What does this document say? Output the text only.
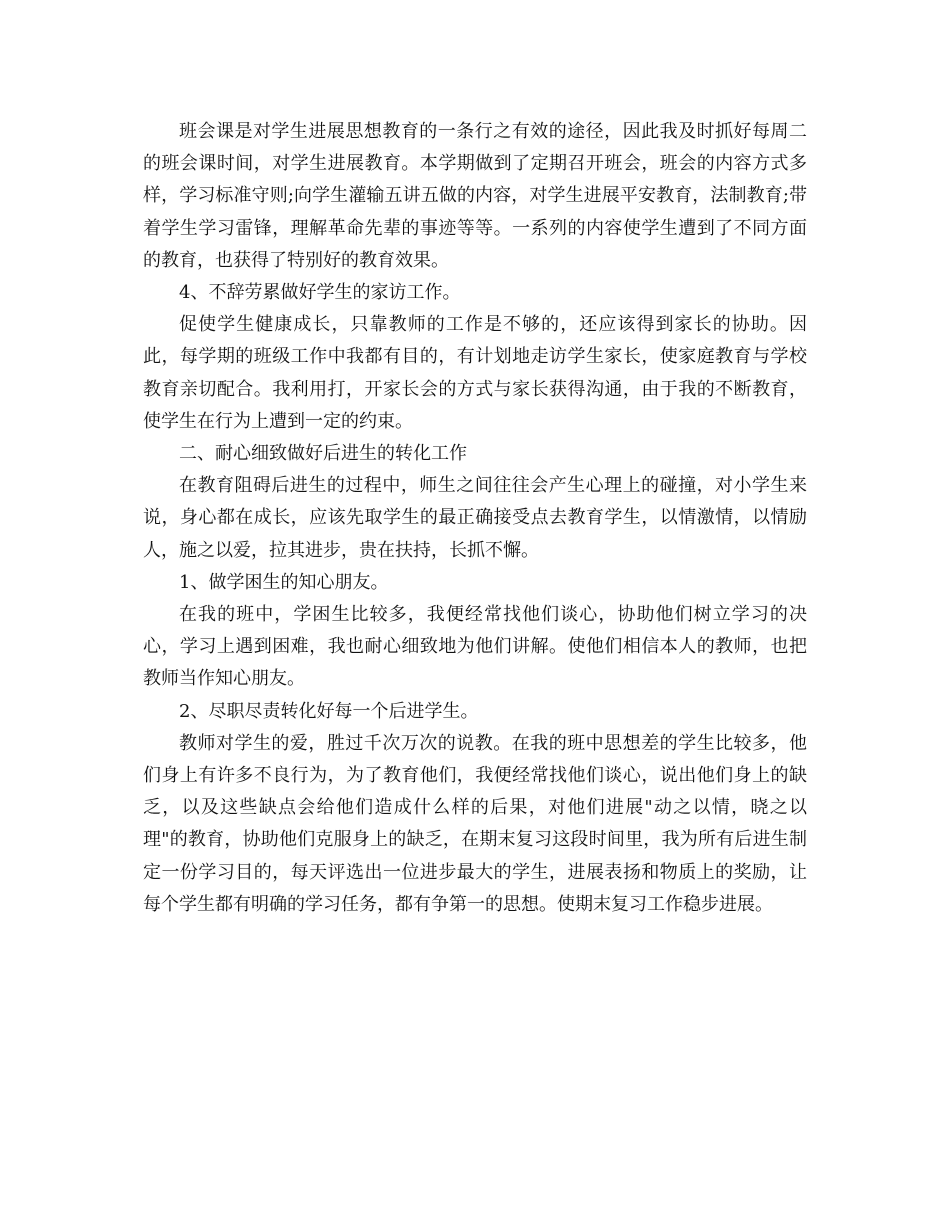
班会课是对学生进展思想教育的一条行之有效的途径，因此我及时抓好每周二的班会课时间，对学生进展教育。本学期做到了定期召开班会，班会的内容方式多样，学习标准守则;向学生灌输五讲五做的内容，对学生进展平安教育，法制教育;带着学生学习雷锋，理解革命先辈的事迹等等。一系列的内容使学生遭到了不同方面的教育，也获得了特别好的教育效果。

4、不辞劳累做好学生的家访工作。

促使学生健康成长，只靠教师的工作是不够的，还应该得到家长的协助。因此，每学期的班级工作中我都有目的，有计划地走访学生家长，使家庭教育与学校教育亲切配合。我利用打，开家长会的方式与家长获得沟通，由于我的不断教育，使学生在行为上遭到一定的约束。

二、耐心细致做好后进生的转化工作

在教育阻碍后进生的过程中，师生之间往往会产生心理上的碰撞，对小学生来说，身心都在成长，应该先取学生的最正确接受点去教育学生，以情激情，以情励人，施之以爱，拉其进步，贵在扶持，长抓不懈。

1、做学困生的知心朋友。

在我的班中，学困生比较多，我便经常找他们谈心，协助他们树立学习的决心，学习上遇到困难，我也耐心细致地为他们讲解。使他们相信本人的教师，也把教师当作知心朋友。

2、尽职尽责转化好每一个后进学生。

教师对学生的爱，胜过千次万次的说教。在我的班中思想差的学生比较多，他们身上有许多不良行为，为了教育他们，我便经常找他们谈心，说出他们身上的缺乏，以及这些缺点会给他们造成什么样的后果，对他们进展"动之以情，晓之以理"的教育，协助他们克服身上的缺乏，在期末复习这段时间里，我为所有后进生制定一份学习目的，每天评选出一位进步最大的学生，进展表扬和物质上的奖励，让每个学生都有明确的学习任务，都有争第一的思想。使期末复习工作稳步进展。
